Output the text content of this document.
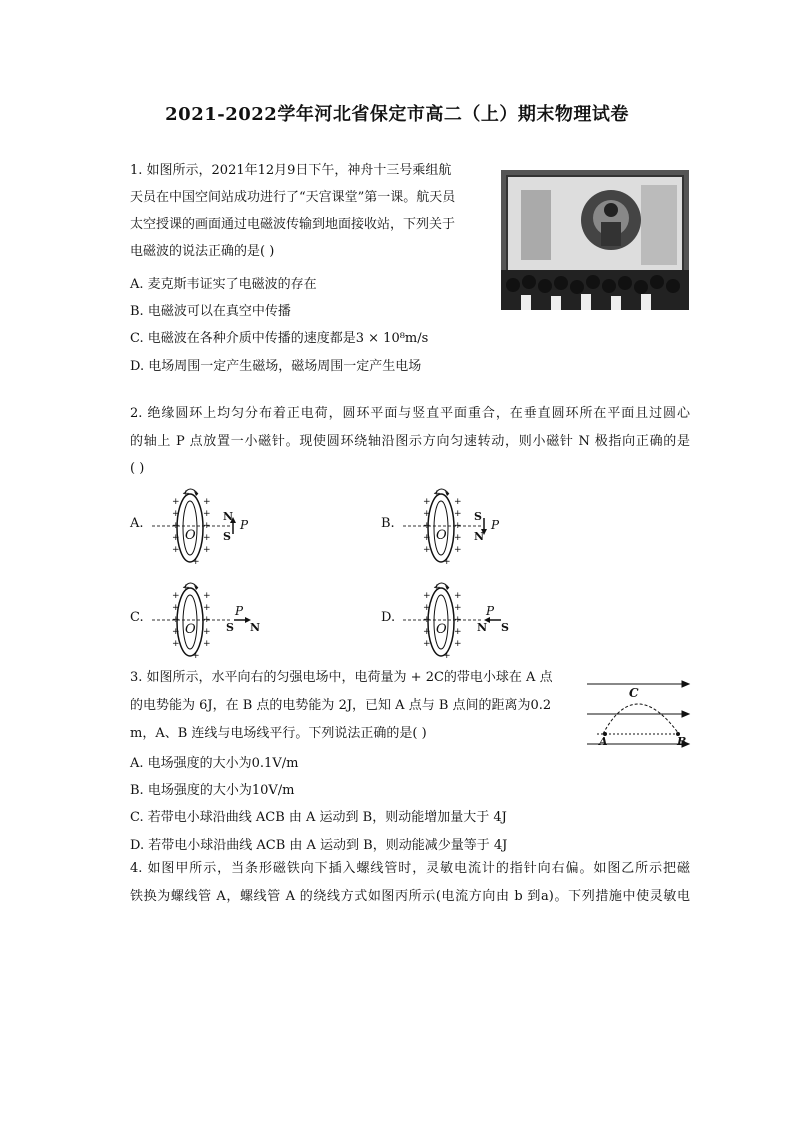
2021-2022学年河北省保定市高二（上）期末物理试卷
1. 如图所示，2021年12月9日下午，神舟十三号乘组航
天员在中国空间站成功进行了“天宫课堂”第一课。航天员
太空授课的画面通过电磁波传输到地面接收站，下列关于
电磁波的说法正确的是( )
A. 麦克斯韦证实了电磁波的存在
B. 电磁波可以在真空中传播
C. 电磁波在各种介质中传播的速度都是3 × 10⁸m/s
D. 电场周围一定产生磁场，磁场周围一定产生电场
2. 绝缘圆环上均匀分布着正电荷，圆环平面与竖直平面重合，在垂直圆环所在平面且过圆心
的轴上 P 点放置一小磁针。现使圆环绕轴沿图示方向匀速转动，则小磁针 N 极指向正确的是
( )
A.
+
+
+
+
+
+
+
+
+
+
+
+
O
N
S
P	B.
+
+
+
+
+
+
+
+
+
+
+
+
O
S
N
P
C.
+
+
+
+
+
+
+
+
+
+
+
+
O	S N
P	D.
+
+
+
+
+
+
+
+
+
+
+
+
O	N S
P
3. 如图所示，水平向右的匀强电场中，电荷量为 + 2C的带电小球在 A 点
的电势能为 6J，在 B 点的电势能为 2J，已知 A 点与 B 点间的距离为0.2
m，A、B 连线与电场线平行。下列说法正确的是( )
A. 电场强度的大小为0.1V/m
B. 电场强度的大小为10V/m
C. 若带电小球沿曲线 ACB 由 A 运动到 B，则动能增加量大于 4J
D. 若带电小球沿曲线 ACB 由 A 运动到 B，则动能减少量等于 4J
C
A	B
4. 如图甲所示，当条形磁铁向下插入螺线管时，灵敏电流计的指针向右偏。如图乙所示把磁
铁换为螺线管 A，螺线管 A 的绕线方式如图丙所示(电流方向由 b 到a)。下列措施中使灵敏电
